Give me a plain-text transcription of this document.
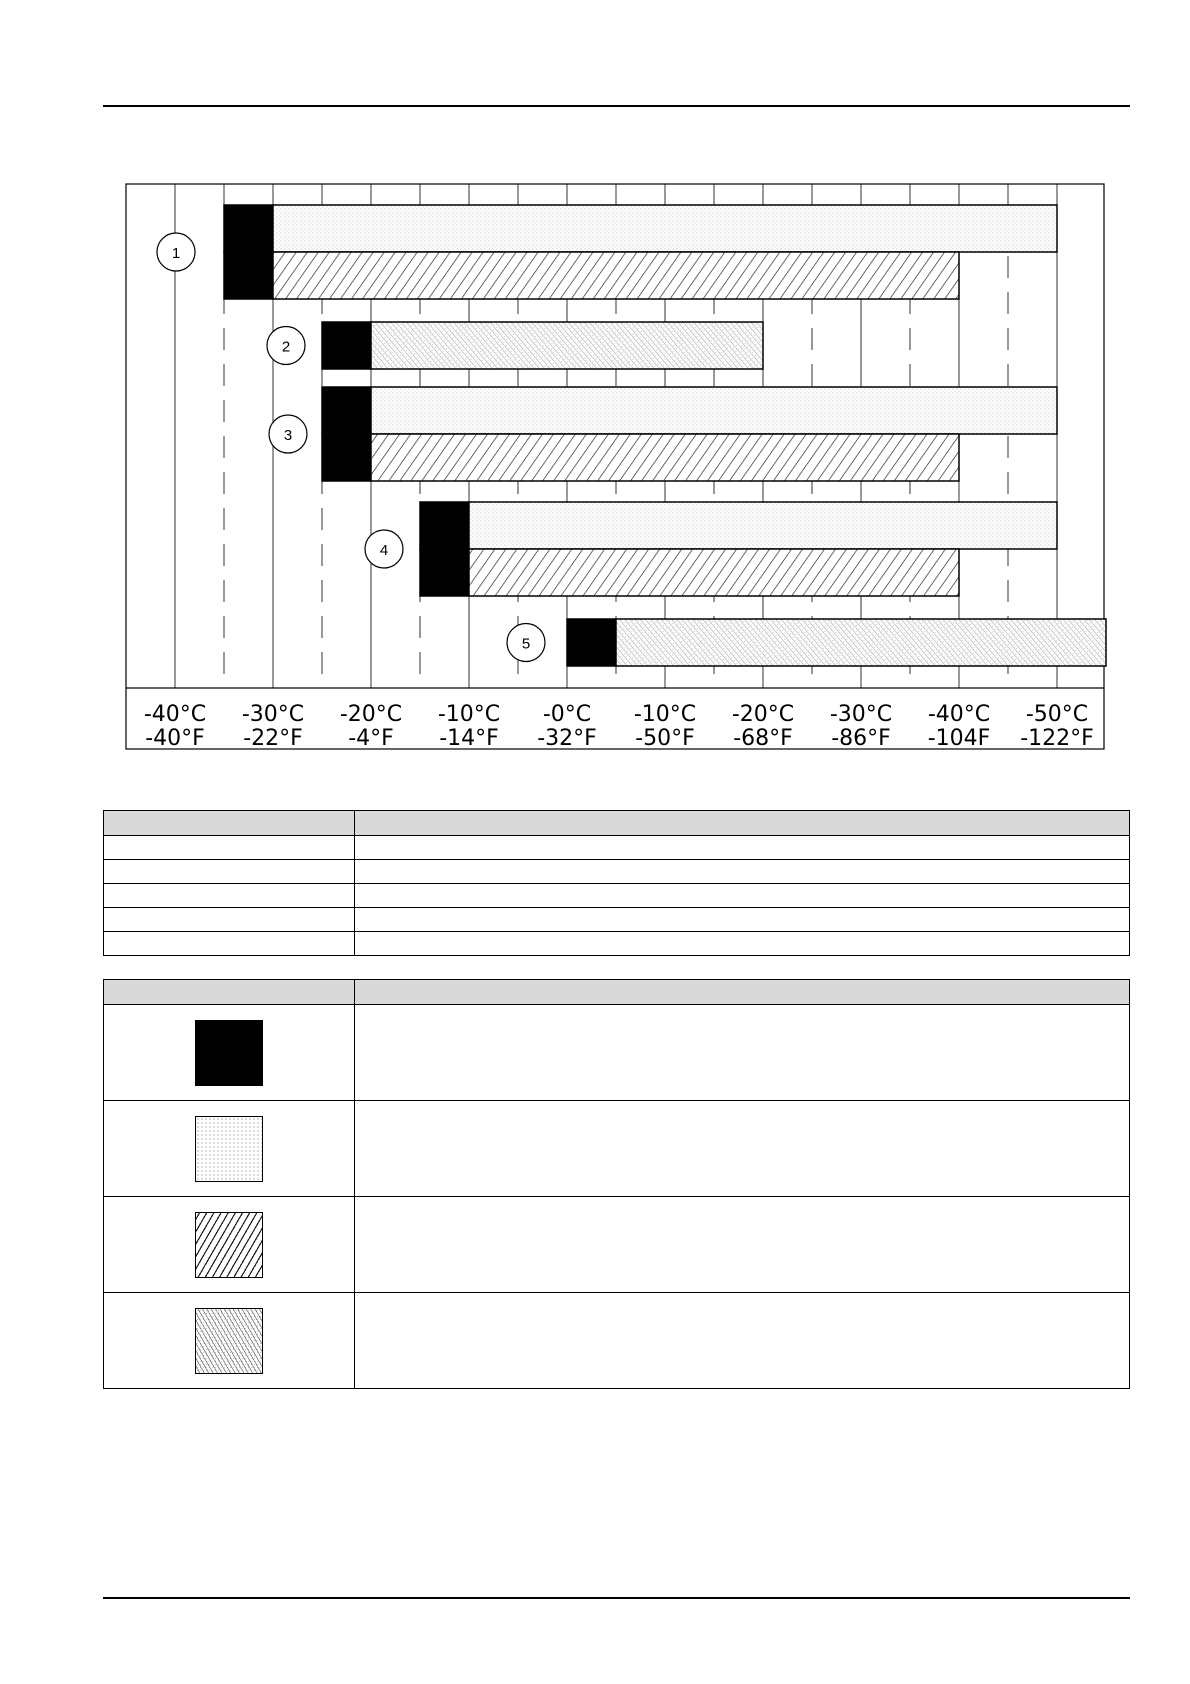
1
2
3
4
5
-40°C
-40°F
-30°C
-22°F
-20°C
-4°F
-10°C
-14°F
-0°C
-32°F
-10°C
-50°F
-20°C
-68°F
-30°C
-86°F
-40°C
-104F
-50°C
-122°F
